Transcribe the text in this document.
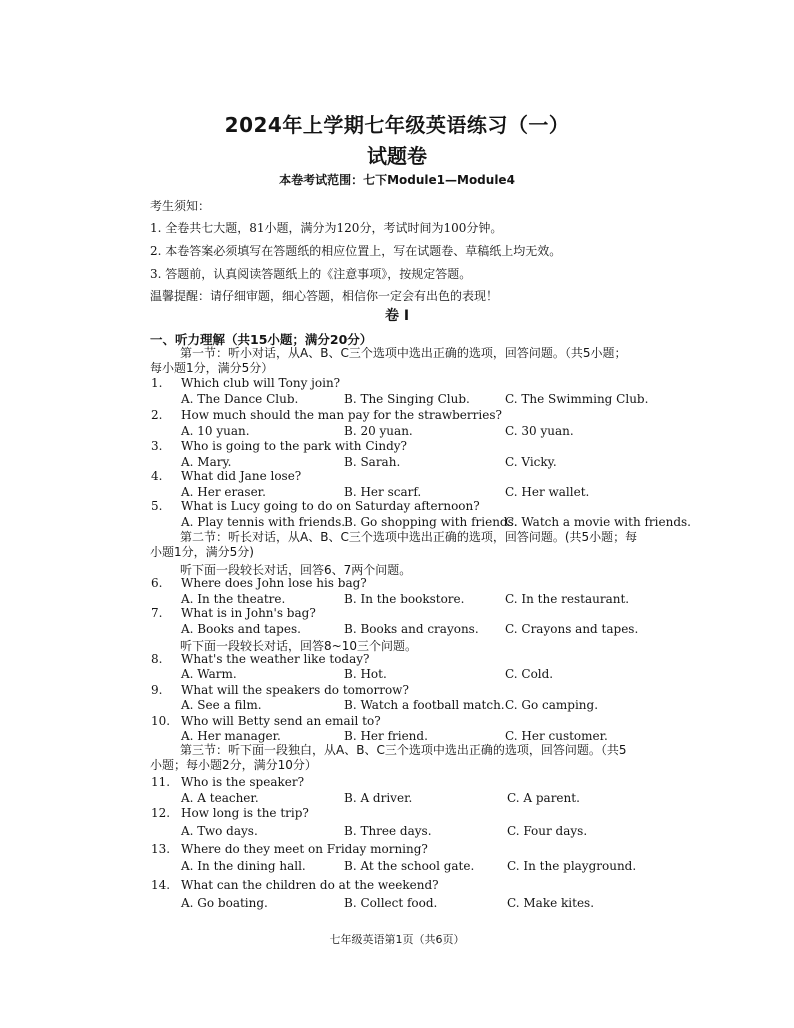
2024年上学期七年级英语练习（一）
试题卷
本卷考试范围：七下Module1—Module4
考生须知：
1. 全卷共七大题，81小题，满分为120分，考试时间为100分钟。
2. 本卷答案必须填写在答题纸的相应位置上，写在试题卷、草稿纸上均无效。
3. 答题前，认真阅读答题纸上的《注意事项》，按规定答题。
温馨提醒：请仔细审题，细心答题，相信你一定会有出色的表现！
卷 Ⅰ
一、听力理解（共15小题；满分20分）
第一节：听小对话，从A、B、C三个选项中选出正确的选项，回答问题。（共5小题；
每小题1分，满分5分）
1. Which club will Tony join?
A. The Dance Club.	B. The Singing Club.	C. The Swimming Club.
2. How much should the man pay for the strawberries?
A. 10 yuan.	B. 20 yuan.	C. 30 yuan.
3. Who is going to the park with Cindy?
A. Mary.	B. Sarah.	C. Vicky.
4. What did Jane lose?
A. Her eraser.	B. Her scarf.	C. Her wallet.
5. What is Lucy going to do on Saturday afternoon?
A. Play tennis with friends.
B. Go shopping with friends.
C. Watch a movie with friends.
6. Where does John lose his bag?
A. In the theatre.	B. In the bookstore.	C. In the restaurant.
7. What is in John's bag?
A. Books and tapes.	B. Books and crayons. C. Crayons and tapes.
8. What's the weather like today?
A. Warm.	B. Hot.	C. Cold.
9. What will the speakers do tomorrow?
A. See a film.	B. Watch a football match. C. Go camping.
10. Who will Betty send an email to?
A. Her manager.	B. Her friend.	C. Her customer.
11. Who is the speaker?
A. A teacher.	B. A driver.	C. A parent.
12. How long is the trip?
A. Two days.	B. Three days.	C. Four days.
13. Where do they meet on Friday morning?
A. In the dining hall.	B. At the school gate.	C. In the playground.
14. What can the children do at the weekend?
A. Go boating.	B. Collect food.	C. Make kites.
第二节：听长对话，从A、B、C三个选项中选出正确的选项，回答问题。(共5小题；每
小题1分，满分5分)
听下面一段较长对话，回答6、7两个问题。
听下面一段较长对话，回答8~10三个问题。
第三节：听下面一段独白，从A、B、C三个选项中选出正确的选项，回答问题。（共5
小题；每小题2分，满分10分）
七年级英语第1页（共6页）
